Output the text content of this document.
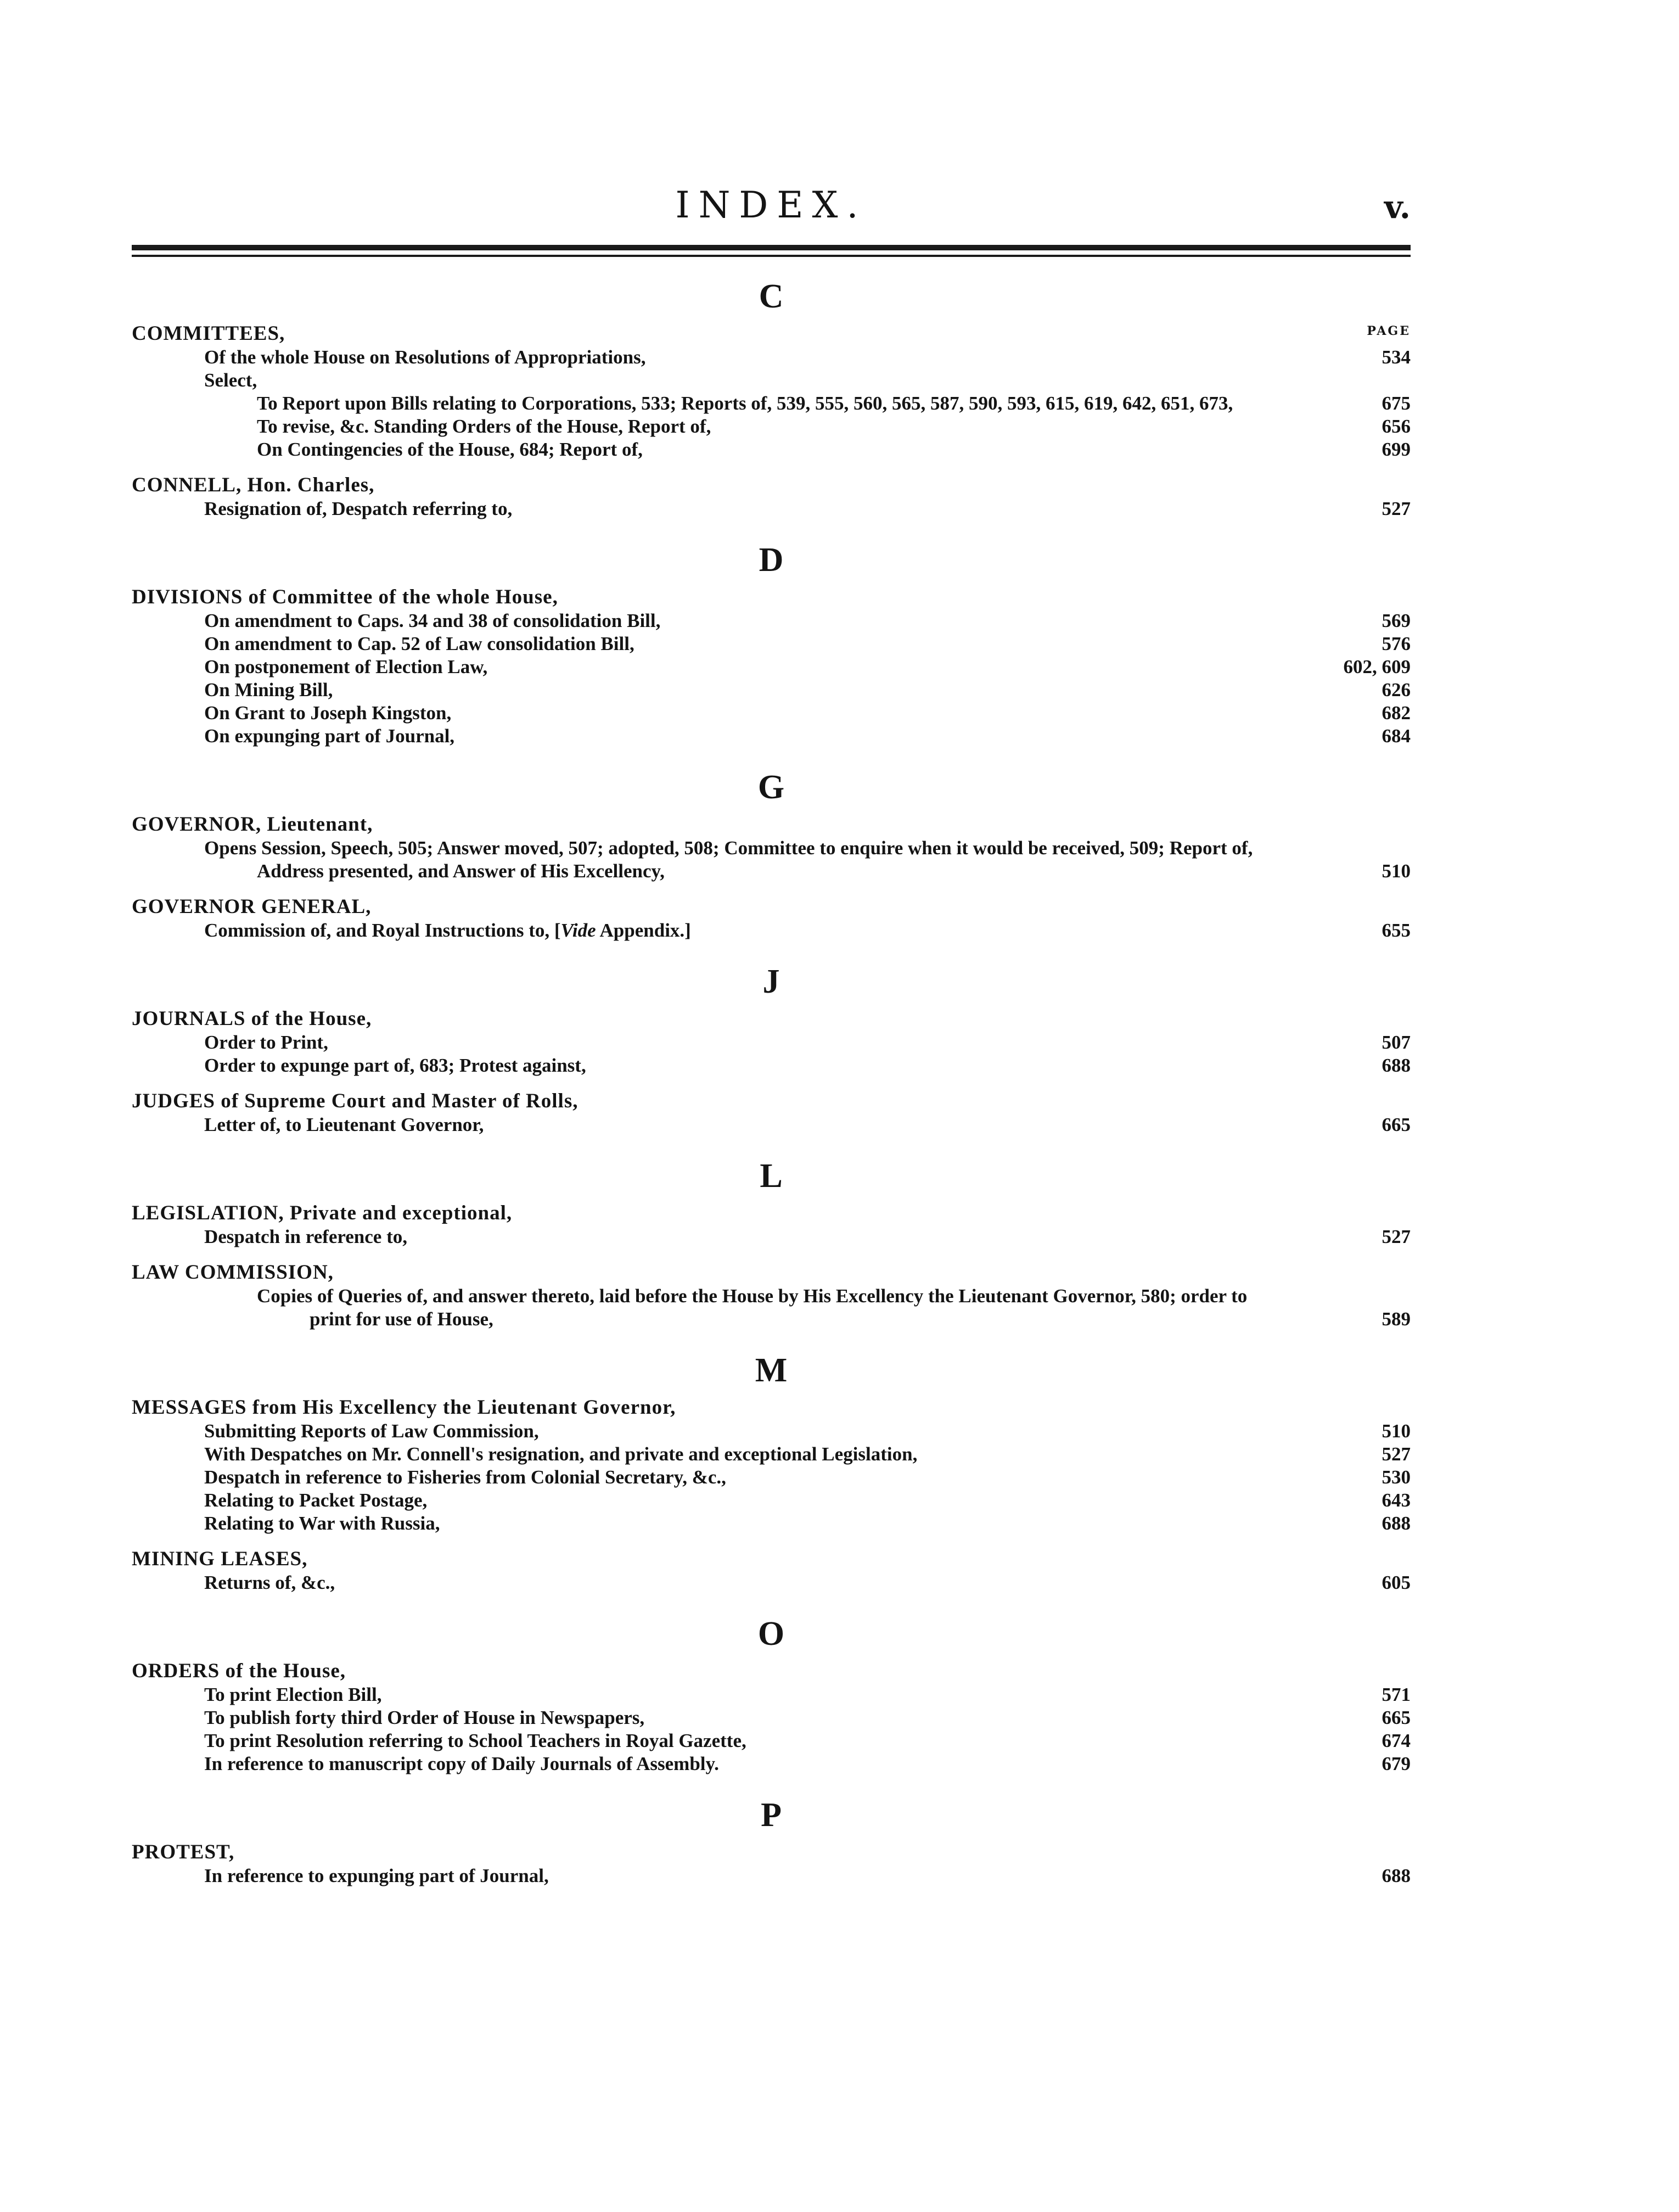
INDEX.	v.
C
PAGE
COMMITTEES,
Of the whole House on Resolutions of Appropriations,	534
Select,
To Report upon Bills relating to Corporations, 533; Reports of, 539, 555, 560, 565, 587, 590, 593, 615, 619, 642, 651, 673,	675
To revise, &c. Standing Orders of the House, Report of,	656
On Contingencies of the House, 684; Report of,	699
CONNELL, Hon. Charles,
Resignation of, Despatch referring to,	527
D
DIVISIONS of Committee of the whole House,
On amendment to Caps. 34 and 38 of consolidation Bill,	569
On amendment to Cap. 52 of Law consolidation Bill,	576
On postponement of Election Law,	602, 609
On Mining Bill,	626
On Grant to Joseph Kingston,	682
On expunging part of Journal,	684
G
GOVERNOR, Lieutenant,
Opens Session, Speech, 505; Answer moved, 507; adopted, 508; Committee to enquire when it would be received, 509; Report of, Address presented, and Answer of His Excellency,	510
GOVERNOR GENERAL,
Commission of, and Royal Instructions to, [Vide Appendix.]	655
J
JOURNALS of the House,
Order to Print,	507
Order to expunge part of, 683; Protest against,	688
JUDGES of Supreme Court and Master of Rolls,
Letter of, to Lieutenant Governor,	665
L
LEGISLATION, Private and exceptional,
Despatch in reference to,	527
LAW COMMISSION,
Copies of Queries of, and answer thereto, laid before the House by His Excellency the Lieutenant Governor, 580; order to print for use of House,	589
M
MESSAGES from His Excellency the Lieutenant Governor,
Submitting Reports of Law Commission,	510
With Despatches on Mr. Connell's resignation, and private and exceptional Legislation,	527
Despatch in reference to Fisheries from Colonial Secretary, &c.,	530
Relating to Packet Postage,	643
Relating to War with Russia,	688
MINING LEASES,
Returns of, &c.,	605
O
ORDERS of the House,
To print Election Bill,	571
To publish forty third Order of House in Newspapers,	665
To print Resolution referring to School Teachers in Royal Gazette,	674
In reference to manuscript copy of Daily Journals of Assembly.	679
P
PROTEST,
In reference to expunging part of Journal,	688
